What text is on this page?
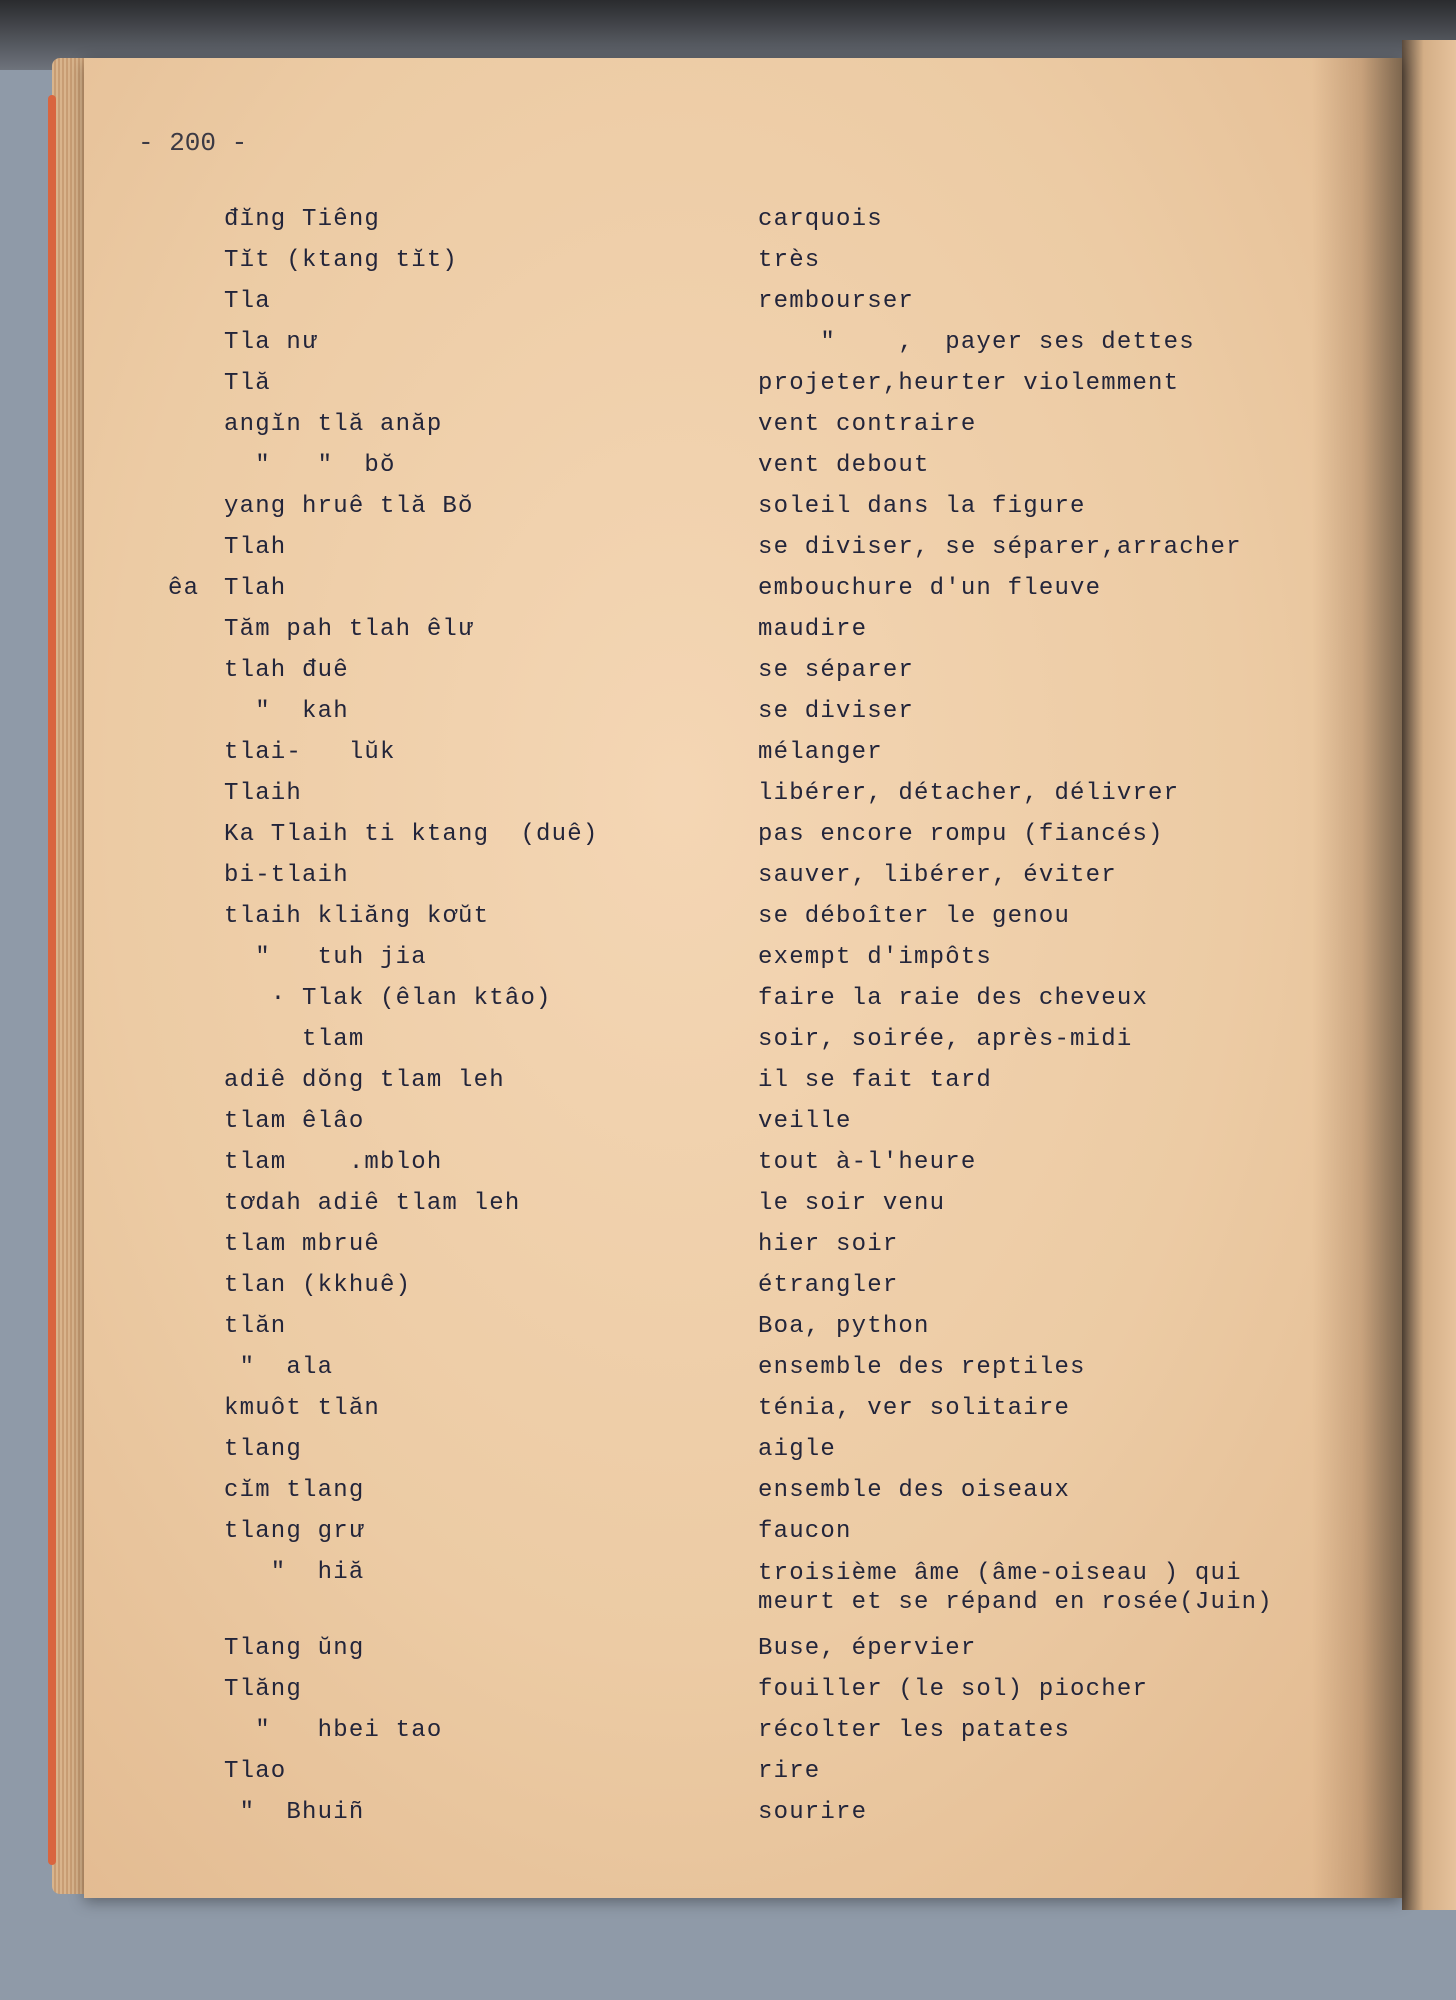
- 200 -

đĭng Tiêng	carquois
Tĭt (ktang tĭt)	très
Tla	rembourser
Tla nư	"    ,  payer ses dettes
Tlă	projeter,heurter violemment
angĭn tlă anăp	vent contraire
"   "  bŏ	vent debout
yang hruê tlă Bŏ	soleil dans la figure
Tlah	se diviser, se séparer,arracher
êa Tlah	embouchure d'un fleuve
Tăm pah tlah êlư	maudire
tlah đuê	se séparer
"  kah	se diviser
tlai-   lŭk	mélanger
Tlaih	libérer, détacher, délivrer
Ka Tlaih ti ktang  (duê)	pas encore rompu (fiancés)
bi-tlaih	sauver, libérer, éviter
tlaih kliăng kơŭt	se déboîter le genou
"   tuh jia	exempt d'impôts
· Tlak (êlan ktâo)	faire la raie des cheveux
tlam	soir, soirée, après-midi
adiê dŏng tlam leh	il se fait tard
tlam êlâo	veille
tlam    .mbloh	tout à-l'heure
tơdah adiê tlam leh	le soir venu
tlam mbruê	hier soir
tlan (kkhuê)	étrangler
tlăn	Boa, python
"  ala	ensemble des reptiles
kmuôt tlăn	ténia, ver solitaire
tlang	aigle
cĭm tlang	ensemble des oiseaux
tlang grư	faucon
"  hiă	troisième âme (âme-oiseau ) qui
meurt et se répand en rosée(Juin)
Tlang ŭng	Buse, épervier
Tlăng	fouiller (le sol) piocher
"   hbei tao	récolter les patates
Tlao	rire
"  Bhuiñ	sourire
